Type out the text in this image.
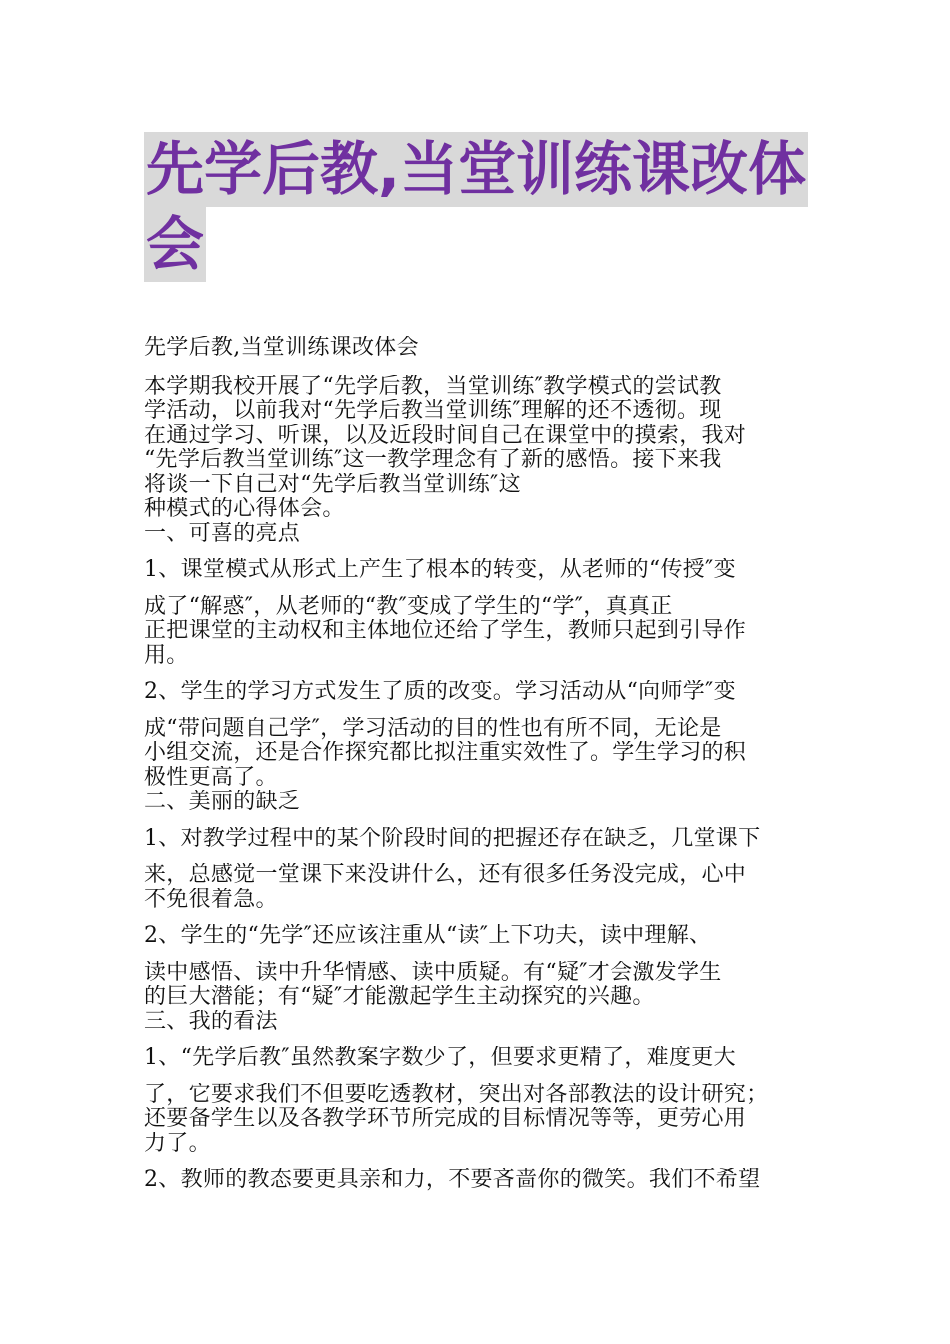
先学后教,当堂训练课改体
会
先学后教,当堂训练课改体会
本学期我校开展了“先学后教，当堂训练″教学模式的尝试教
学活动，以前我对“先学后教当堂训练″理解的还不透彻。现
在通过学习、听课，以及近段时间自己在课堂中的摸索，我对
“先学后教当堂训练″这一教学理念有了新的感悟。接下来我
将谈一下自己对“先学后教当堂训练″这
种模式的心得体会。
一、可喜的亮点
1、课堂模式从形式上产生了根本的转变，从老师的“传授″变
成了“解惑″，从老师的“教″变成了学生的“学″，真真正
正把课堂的主动权和主体地位还给了学生，教师只起到引导作
用。
2、学生的学习方式发生了质的改变。学习活动从“向师学″变
成“带问题自己学″，学习活动的目的性也有所不同，无论是
小组交流，还是合作探究都比拟注重实效性了。学生学习的积
极性更高了。
二、美丽的缺乏
1、对教学过程中的某个阶段时间的把握还存在缺乏，几堂课下
来，总感觉一堂课下来没讲什么，还有很多任务没完成，心中
不免很着急。
2、学生的“先学″还应该注重从“读″上下功夫，读中理解、
读中感悟、读中升华情感、读中质疑。有“疑″才会激发学生
的巨大潜能；有“疑″才能激起学生主动探究的兴趣。
三、我的看法
1、“先学后教″虽然教案字数少了，但要求更精了，难度更大
了，它要求我们不但要吃透教材，突出对各部教法的设计研究；
还要备学生以及各教学环节所完成的目标情况等等，更劳心用
力了。
2、教师的教态要更具亲和力，不要吝啬你的微笑。我们不希望
